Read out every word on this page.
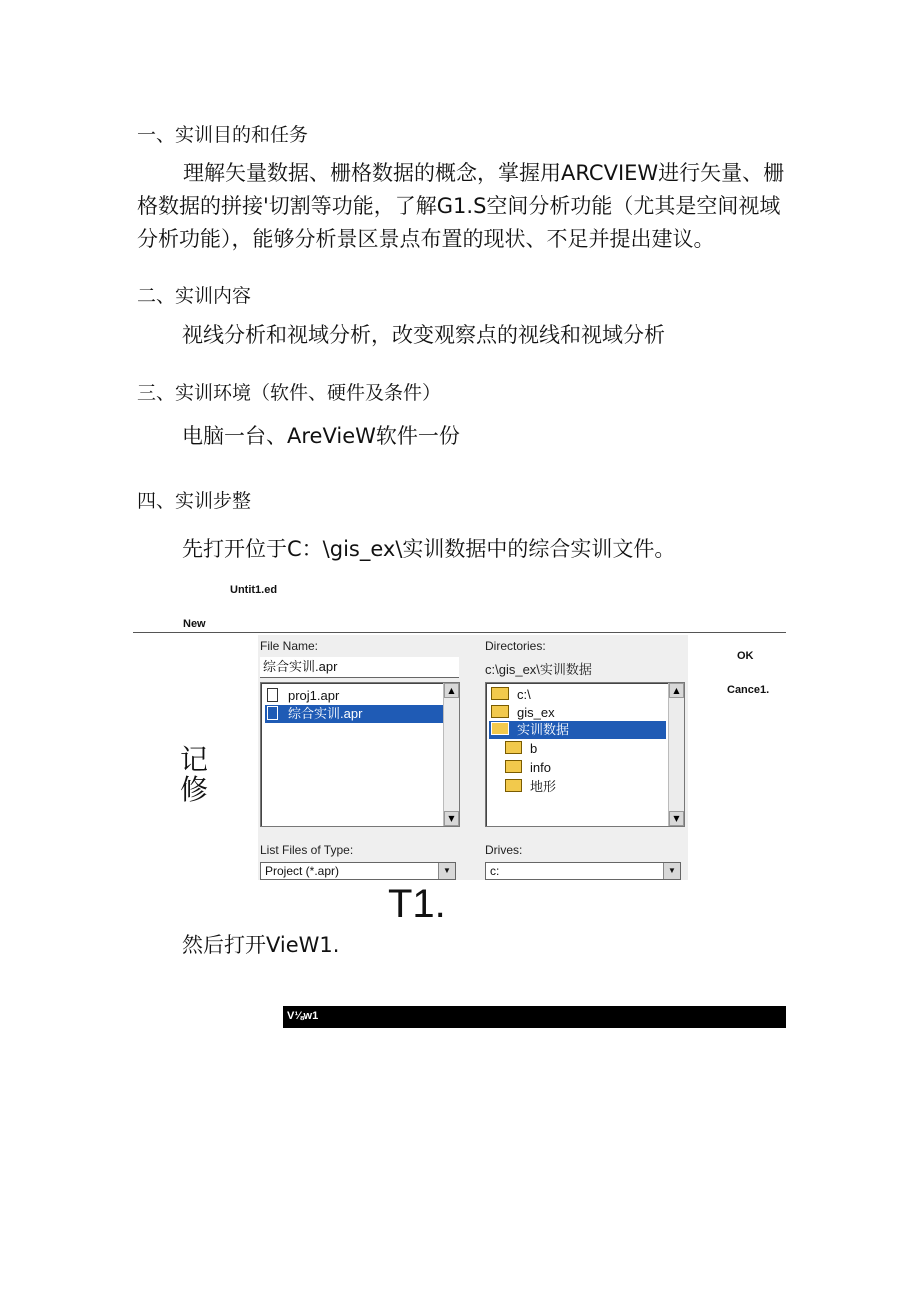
一、实训目的和任务
理解矢量数据、栅格数据的概念，掌握用ARCVIEW进行矢量、栅
格数据的拼接'切割等功能，了解G1.S空间分析功能（尤其是空间视域
分析功能），能够分析景区景点布置的现状、不足并提出建议。
二、实训内容
视线分析和视域分析，改变观察点的视线和视域分析
三、实训环境（软件、硬件及条件）
电脑一台、AreVieW软件一份
四、实训步整
先打开位于C：\gis_ex\实训数据中的综合实训文件。
Untit1.ed
New
File Name:
综合实训.apr
proj1.apr
综合实训.apr
▲
▼
Directories:
c:\gis_ex\实训数据
c:\
gis_ex
实训数据
b
info
地形
▲
▼
List Files of Type:
Project (*.apr)	▼
Drives:
c:	▼
OK
Cance1.
记
修
T1.
然后打开VieW1.
V⅛w1
